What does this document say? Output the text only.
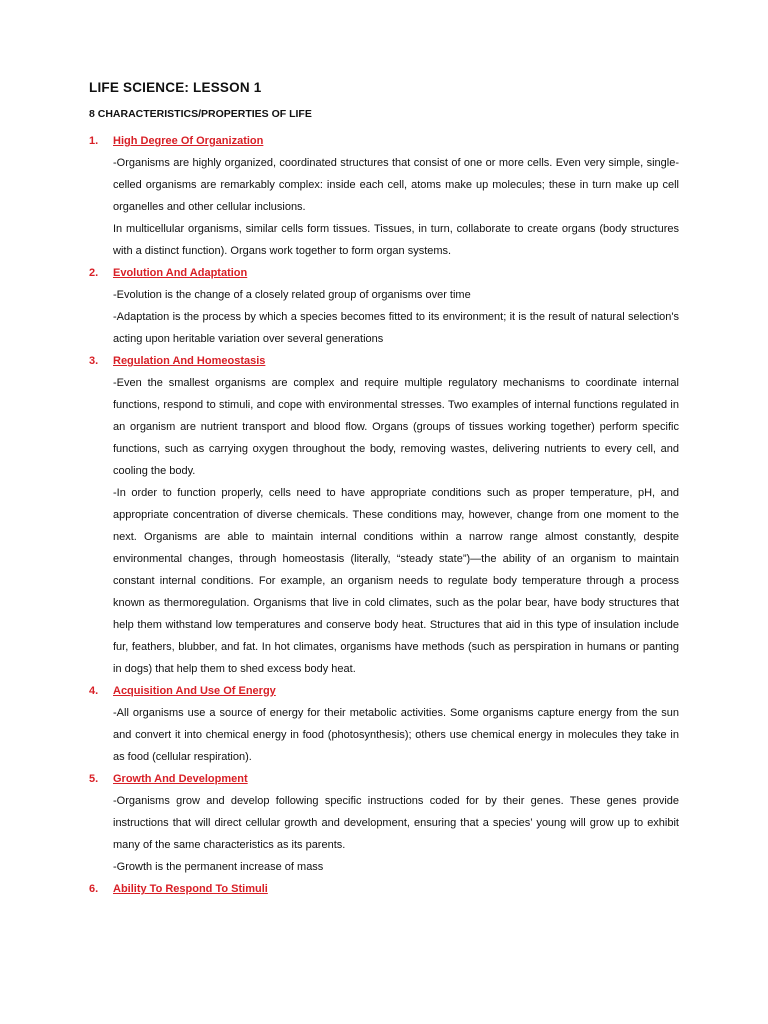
LIFE SCIENCE: LESSON 1
8 CHARACTERISTICS/PROPERTIES OF LIFE
1.	High Degree Of Organization

-Organisms are highly organized, coordinated structures that consist of one or more cells. Even very simple, single-celled organisms are remarkably complex: inside each cell, atoms make up molecules; these in turn make up cell organelles and other cellular inclusions.

In multicellular organisms, similar cells form tissues. Tissues, in turn, collaborate to create organs (body structures with a distinct function). Organs work together to form organ systems.

2.	Evolution And Adaptation

-Evolution is the change of a closely related group of organisms over time

-Adaptation is the process by which a species becomes fitted to its environment; it is the result of natural selection's acting upon heritable variation over several generations

3.	Regulation And Homeostasis

-Even the smallest organisms are complex and require multiple regulatory mechanisms to coordinate internal functions, respond to stimuli, and cope with environmental stresses. Two examples of internal functions regulated in an organism are nutrient transport and blood flow. Organs (groups of tissues working together) perform specific functions, such as carrying oxygen throughout the body, removing wastes, delivering nutrients to every cell, and cooling the body.

-In order to function properly, cells need to have appropriate conditions such as proper temperature, pH, and appropriate concentration of diverse chemicals. These conditions may, however, change from one moment to the next. Organisms are able to maintain internal conditions within a narrow range almost constantly, despite environmental changes, through homeostasis (literally, “steady state”)—the ability of an organism to maintain constant internal conditions. For example, an organism needs to regulate body temperature through a process known as thermoregulation. Organisms that live in cold climates, such as the polar bear, have body structures that help them withstand low temperatures and conserve body heat. Structures that aid in this type of insulation include fur, feathers, blubber, and fat. In hot climates, organisms have methods (such as perspiration in humans or panting in dogs) that help them to shed excess body heat.

4.	Acquisition And Use Of Energy

-All organisms use a source of energy for their metabolic activities. Some organisms capture energy from the sun and convert it into chemical energy in food (photosynthesis); others use chemical energy in molecules they take in as food (cellular respiration).

5.	Growth And Development

-Organisms grow and develop following specific instructions coded for by their genes. These genes provide instructions that will direct cellular growth and development, ensuring that a species’ young will grow up to exhibit many of the same characteristics as its parents.

-Growth is the permanent increase of mass

6.	Ability To Respond To Stimuli
